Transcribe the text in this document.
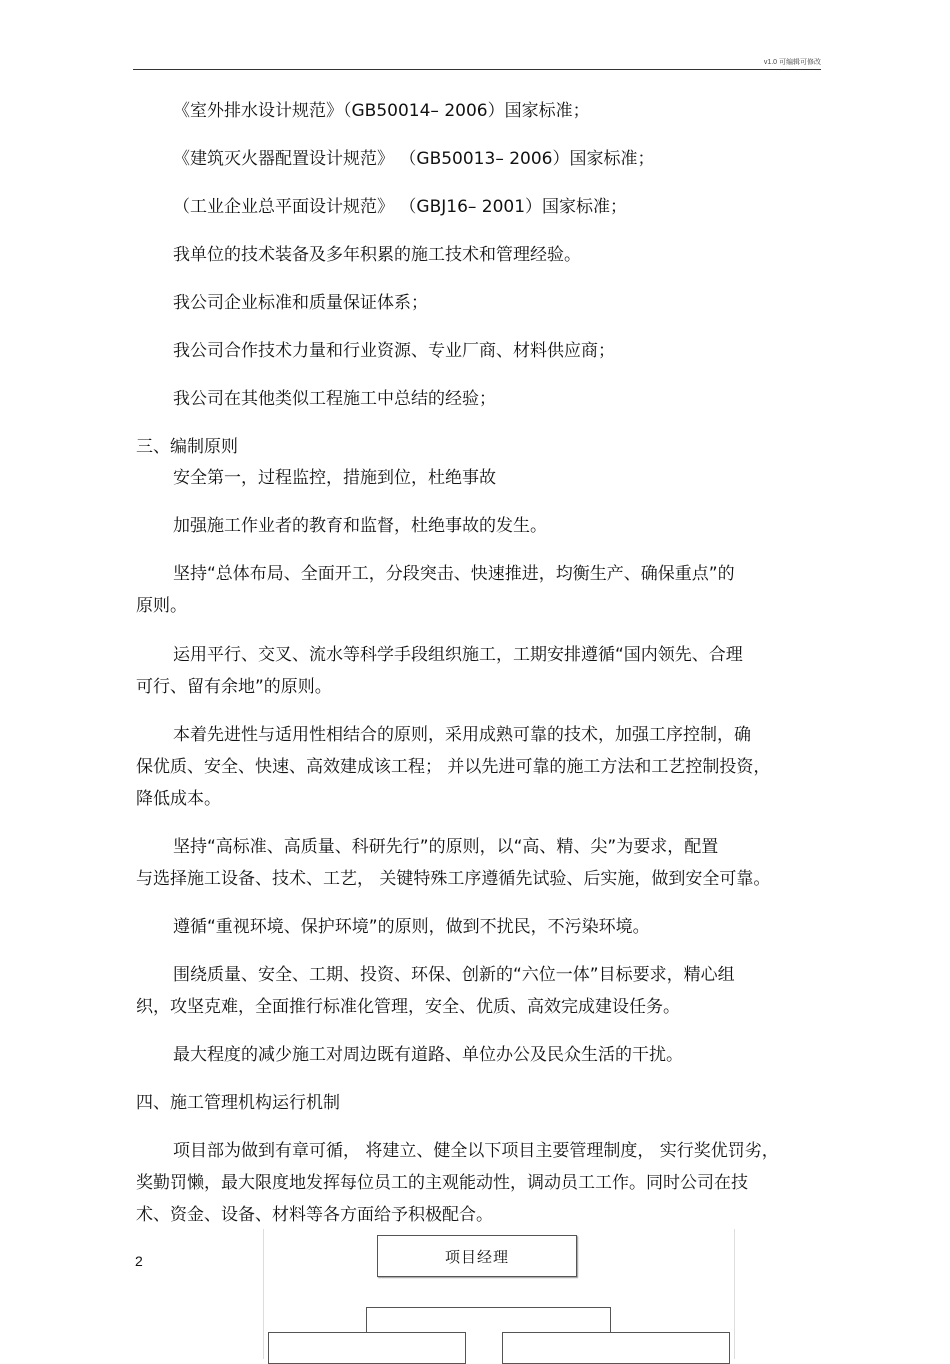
v1.0 可编辑可修改
《室外排水设计规范》（GB50014– 2006）国家标准；
《建筑灭火器配置设计规范》 （GB50013– 2006）国家标准；
（工业企业总平面设计规范》 （GBJ16– 2001）国家标准；
我单位的技术装备及多年积累的施工技术和管理经验。
我公司企业标准和质量保证体系；
我公司合作技术力量和行业资源、专业厂商、材料供应商；
我公司在其他类似工程施工中总结的经验；
三、编制原则
安全第一，过程监控，措施到位，杜绝事故
加强施工作业者的教育和监督，杜绝事故的发生。
坚持“总体布局、全面开工，分段突击、快速推进，均衡生产、确保重点”的
原则。
运用平行、交叉、流水等科学手段组织施工，工期安排遵循“国内领先、合理
可行、留有余地”的原则。
本着先进性与适用性相结合的原则，采用成熟可靠的技术，加强工序控制，确
保优质、安全、快速、高效建成该工程； 并以先进可靠的施工方法和工艺控制投资，
降低成本。
坚持“高标准、高质量、科研先行”的原则，以“高、精、尖”为要求，配置
与选择施工设备、技术、工艺， 关键特殊工序遵循先试验、后实施，做到安全可靠。
遵循“重视环境、保护环境”的原则，做到不扰民，不污染环境。
围绕质量、安全、工期、投资、环保、创新的“六位一体”目标要求，精心组
织，攻坚克难，全面推行标准化管理，安全、优质、高效完成建设任务。
最大程度的减少施工对周边既有道路、单位办公及民众生活的干扰。
四、施工管理机构运行机制
项目部为做到有章可循， 将建立、健全以下项目主要管理制度， 实行奖优罚劣，
奖勤罚懒，最大限度地发挥每位员工的主观能动性，调动员工工作。同时公司在技
术、资金、设备、材料等各方面给予积极配合。
2	项目经理
